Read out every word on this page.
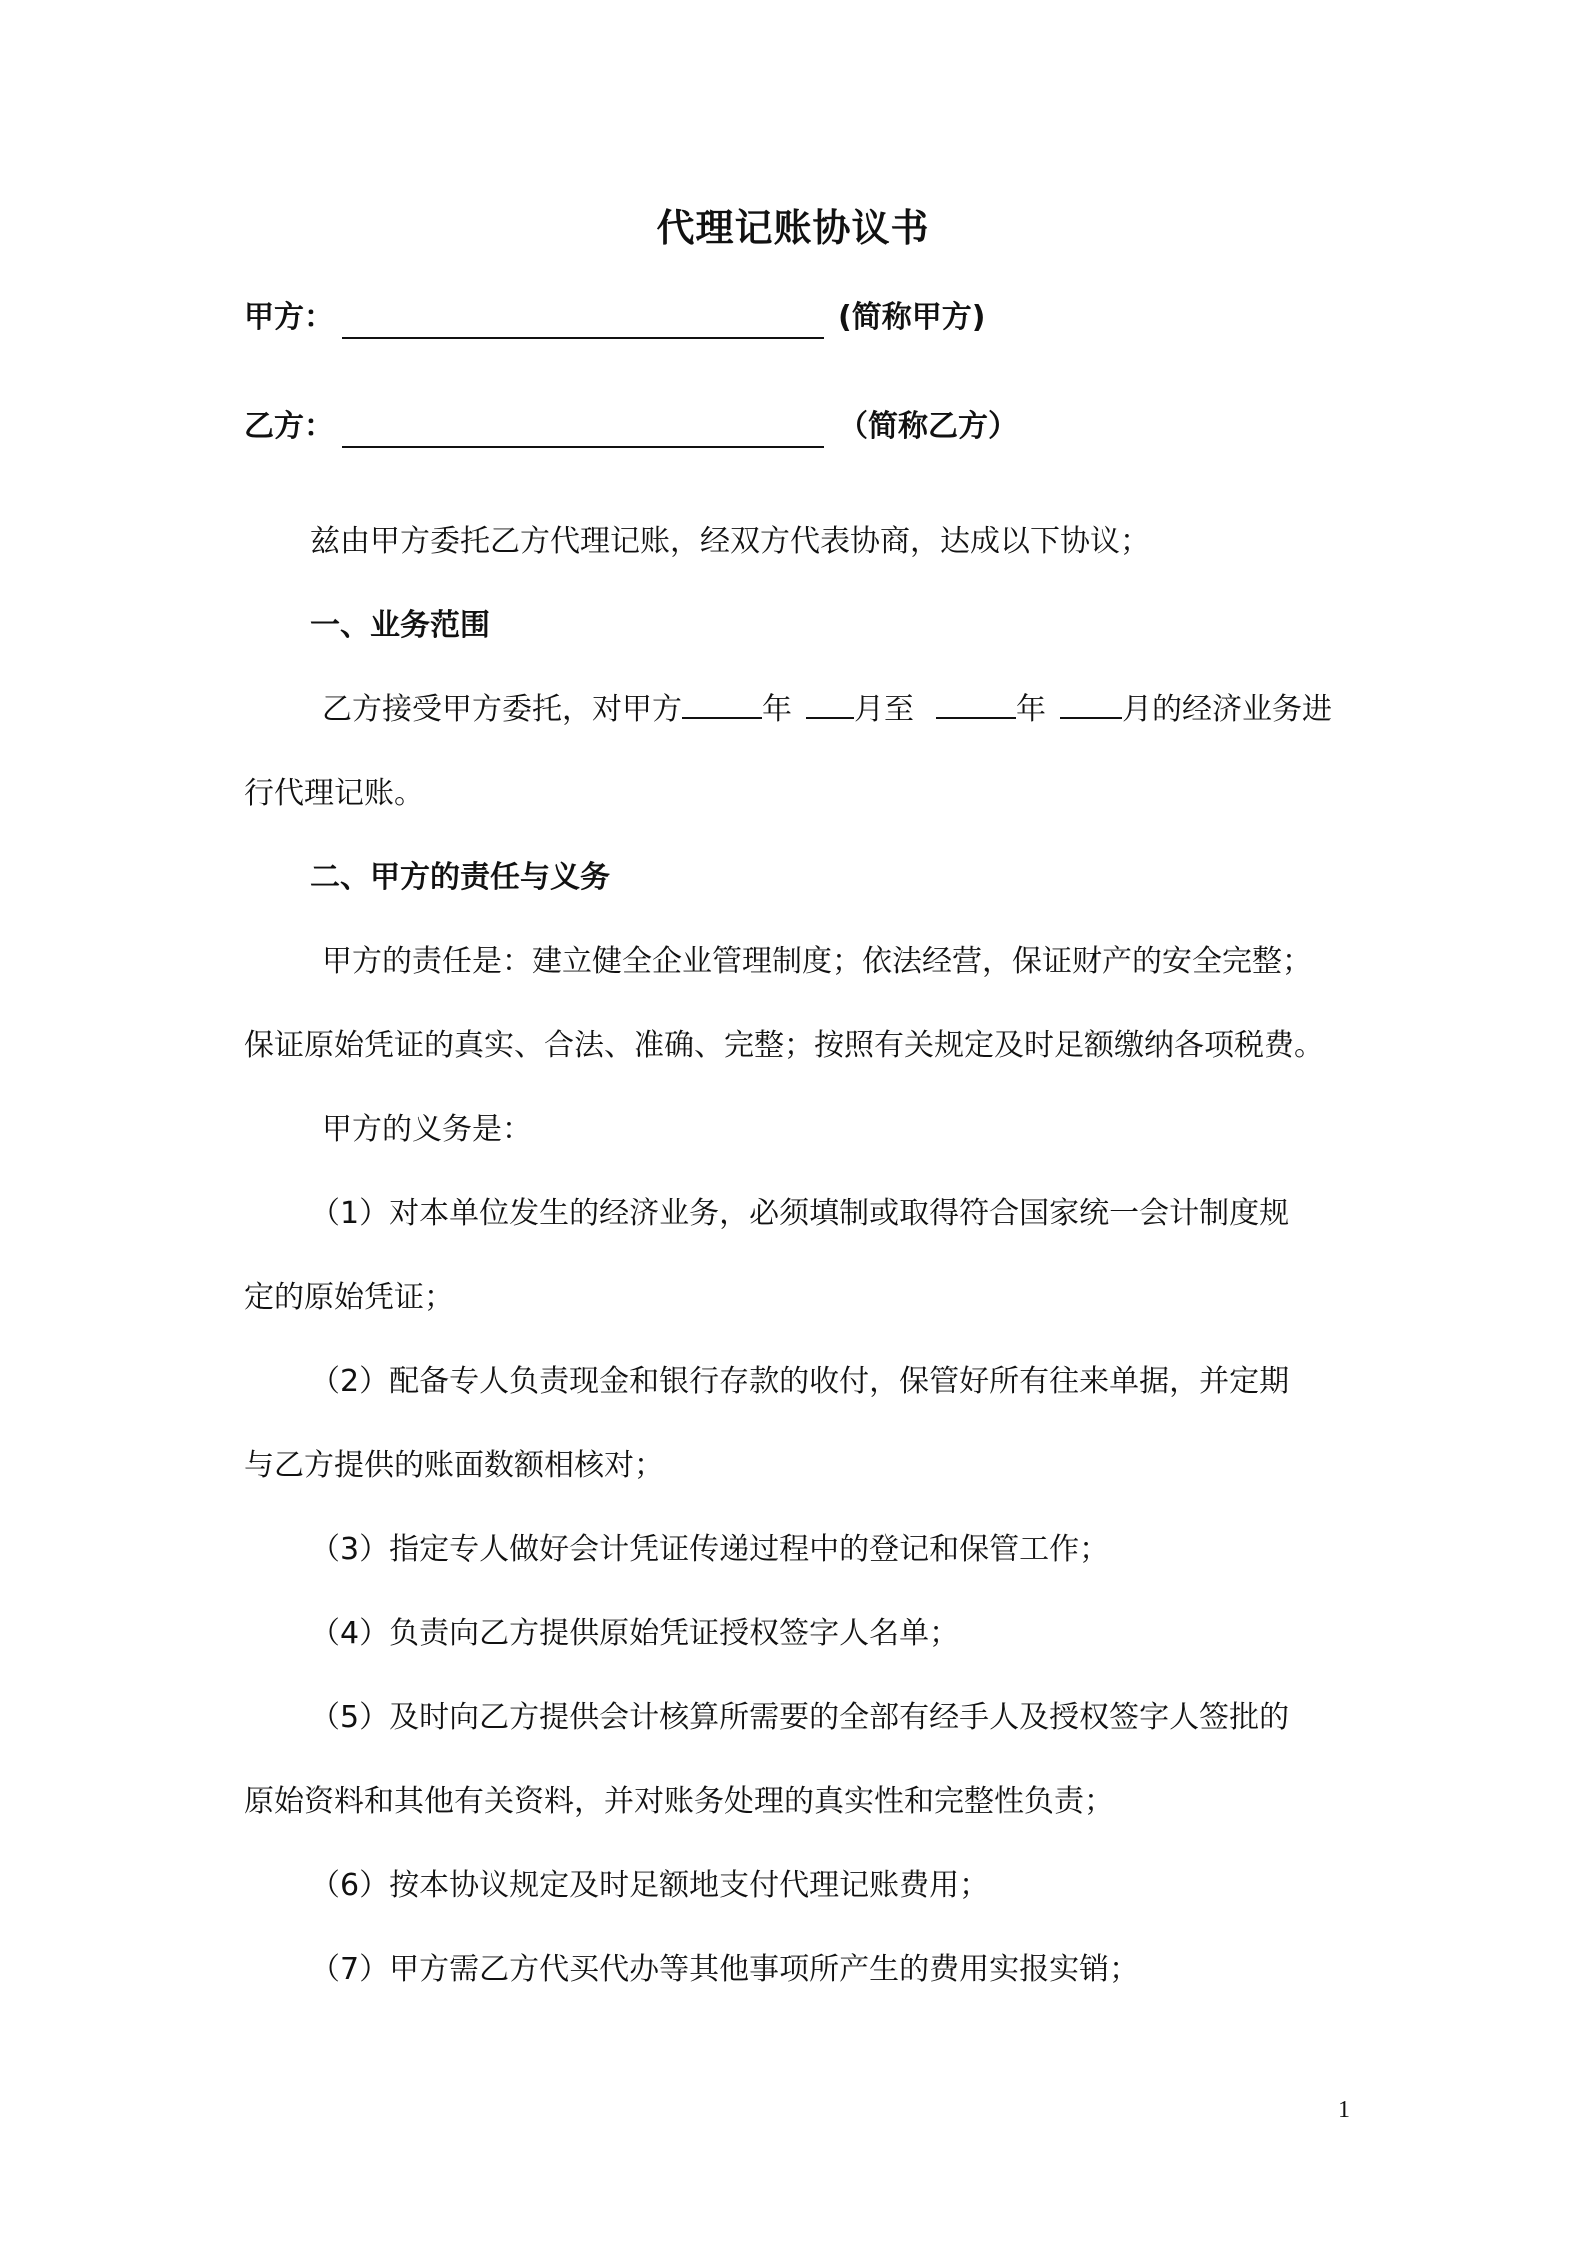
代理记账协议书
甲方：	(简称甲方)
乙方：	（简称乙方）

兹由甲方委托乙方代理记账，经双方代表协商，达成以下协议；

一、业务范围

乙方接受甲方委托，对甲方	年 月至	年	月的经济业务进

行代理记账。

二、甲方的责任与义务

甲方的责任是：建立健全企业管理制度；依法经营，保证财产的安全完整；

保证原始凭证的真实、合法、准确、完整；按照有关规定及时足额缴纳各项税费。

甲方的义务是：

（1）对本单位发生的经济业务，必须填制或取得符合国家统一会计制度规

定的原始凭证；

（2）配备专人负责现金和银行存款的收付，保管好所有往来单据，并定期

与乙方提供的账面数额相核对；

（3）指定专人做好会计凭证传递过程中的登记和保管工作；

（4）负责向乙方提供原始凭证授权签字人名单；

（5）及时向乙方提供会计核算所需要的全部有经手人及授权签字人签批的

原始资料和其他有关资料，并对账务处理的真实性和完整性负责；

（6）按本协议规定及时足额地支付代理记账费用；

（7）甲方需乙方代买代办等其他事项所产生的费用实报实销；

1
